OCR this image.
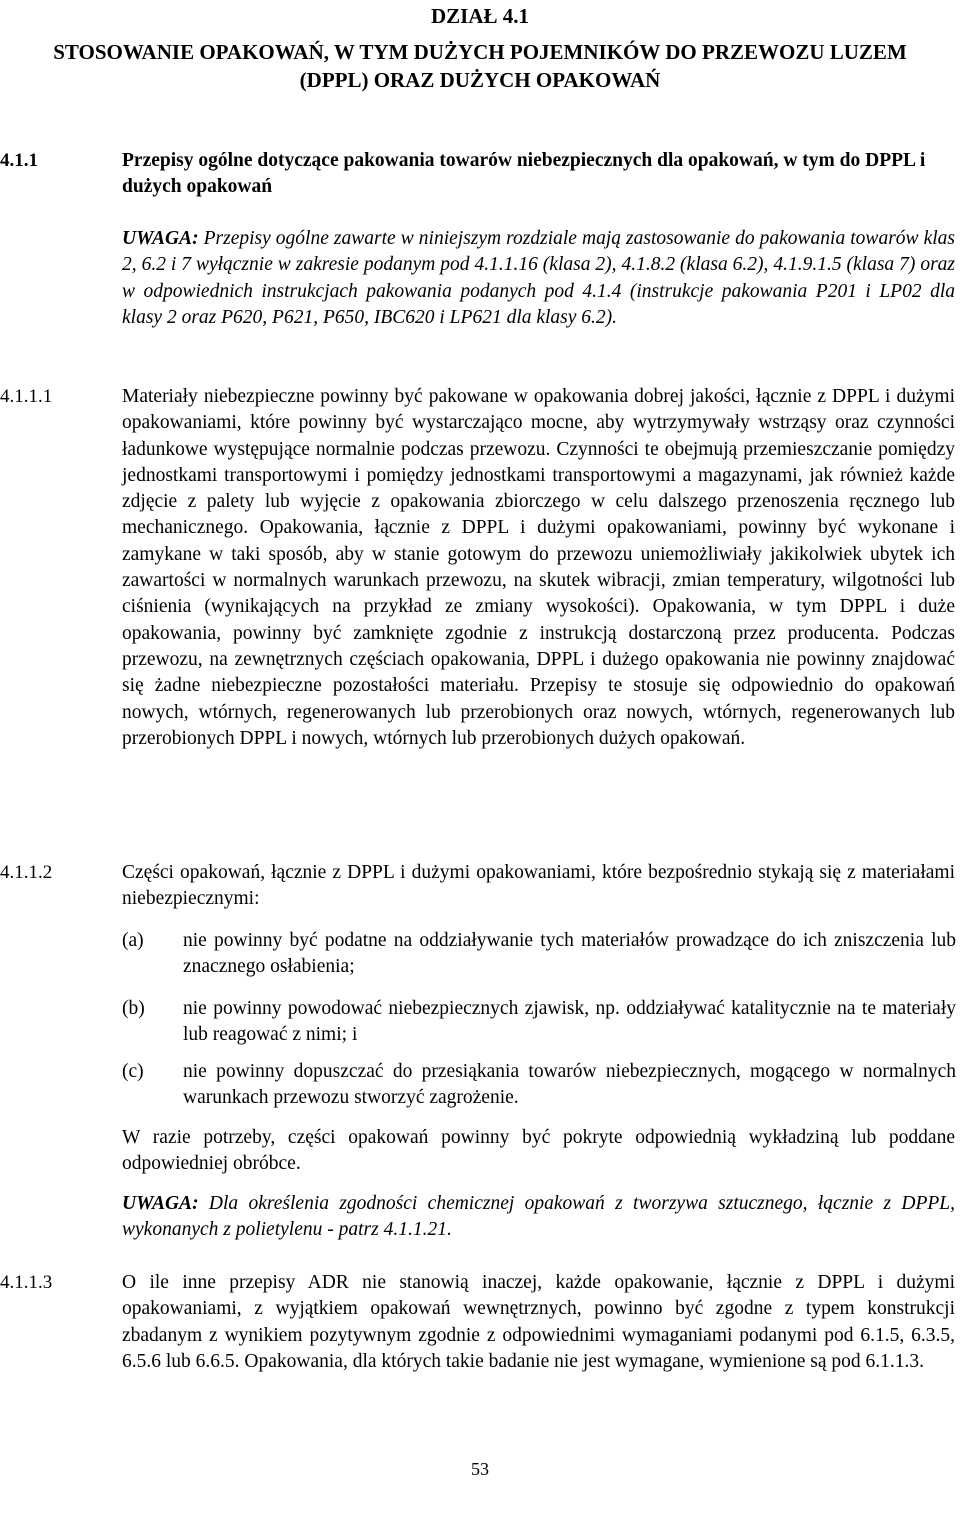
DZIAŁ 4.1
STOSOWANIE OPAKOWAŃ, W TYM DUŻYCH POJEMNIKÓW DO PRZEWOZU LUZEM (DPPL) ORAZ DUŻYCH OPAKOWAŃ
4.1.1	Przepisy ogólne dotyczące pakowania towarów niebezpiecznych dla opakowań, w tym do DPPL i dużych opakowań
UWAGA: Przepisy ogólne zawarte w niniejszym rozdziale mają zastosowanie do pakowania towarów klas 2, 6.2 i 7 wyłącznie w zakresie podanym pod 4.1.1.16 (klasa 2), 4.1.8.2 (klasa 6.2), 4.1.9.1.5 (klasa 7) oraz w odpowiednich instrukcjach pakowania podanych pod 4.1.4 (instrukcje pakowania P201 i LP02 dla klasy 2 oraz P620, P621, P650, IBC620 i LP621 dla klasy 6.2).
4.1.1.1	Materiały niebezpieczne powinny być pakowane w opakowania dobrej jakości, łącznie z DPPL i dużymi opakowaniami, które powinny być wystarczająco mocne, aby wytrzymywały wstrząsy oraz czynności ładunkowe występujące normalnie podczas przewozu. Czynności te obejmują przemieszczanie pomiędzy jednostkami transportowymi i pomiędzy jednostkami transportowymi a magazynami, jak również każde zdjęcie z palety lub wyjęcie z opakowania zbiorczego w celu dalszego przenoszenia ręcznego lub mechanicznego. Opakowania, łącznie z DPPL i dużymi opakowaniami, powinny być wykonane i zamykane w taki sposób, aby w stanie gotowym do przewozu uniemożliwiały jakikolwiek ubytek ich zawartości w normalnych warunkach przewozu, na skutek wibracji, zmian temperatury, wilgotności lub ciśnienia (wynikających na przykład ze zmiany wysokości). Opakowania, w tym DPPL i duże opakowania, powinny być zamknięte zgodnie z instrukcją dostarczoną przez producenta. Podczas przewozu, na zewnętrznych częściach opakowania, DPPL i dużego opakowania nie powinny znajdować się żadne niebezpieczne pozostałości materiału. Przepisy te stosuje się odpowiednio do opakowań nowych, wtórnych, regenerowanych lub przerobionych oraz nowych, wtórnych, regenerowanych lub przerobionych DPPL i nowych, wtórnych lub przerobionych dużych opakowań.
4.1.1.2	Części opakowań, łącznie z DPPL i dużymi opakowaniami, które bezpośrednio stykają się z materiałami niebezpiecznymi:
(a) nie powinny być podatne na oddziaływanie tych materiałów prowadzące do ich zniszczenia lub znacznego osłabienia;
(b) nie powinny powodować niebezpiecznych zjawisk, np. oddziaływać katalitycznie na te materiały lub reagować z nimi; i
(c) nie powinny dopuszczać do przesiąkania towarów niebezpiecznych, mogącego w normalnych warunkach przewozu stworzyć zagrożenie.
W razie potrzeby, części opakowań powinny być pokryte odpowiednią wykładziną lub poddane odpowiedniej obróbce.
UWAGA: Dla określenia zgodności chemicznej opakowań z tworzywa sztucznego, łącznie z DPPL, wykonanych z polietylenu - patrz 4.1.1.21.
4.1.1.3	O ile inne przepisy ADR nie stanowią inaczej, każde opakowanie, łącznie z DPPL i dużymi opakowaniami, z wyjątkiem opakowań wewnętrznych, powinno być zgodne z typem konstrukcji zbadanym z wynikiem pozytywnym zgodnie z odpowiednimi wymaganiami podanymi pod 6.1.5, 6.3.5, 6.5.6 lub 6.6.5. Opakowania, dla których takie badanie nie jest wymagane, wymienione są pod 6.1.1.3.
53
